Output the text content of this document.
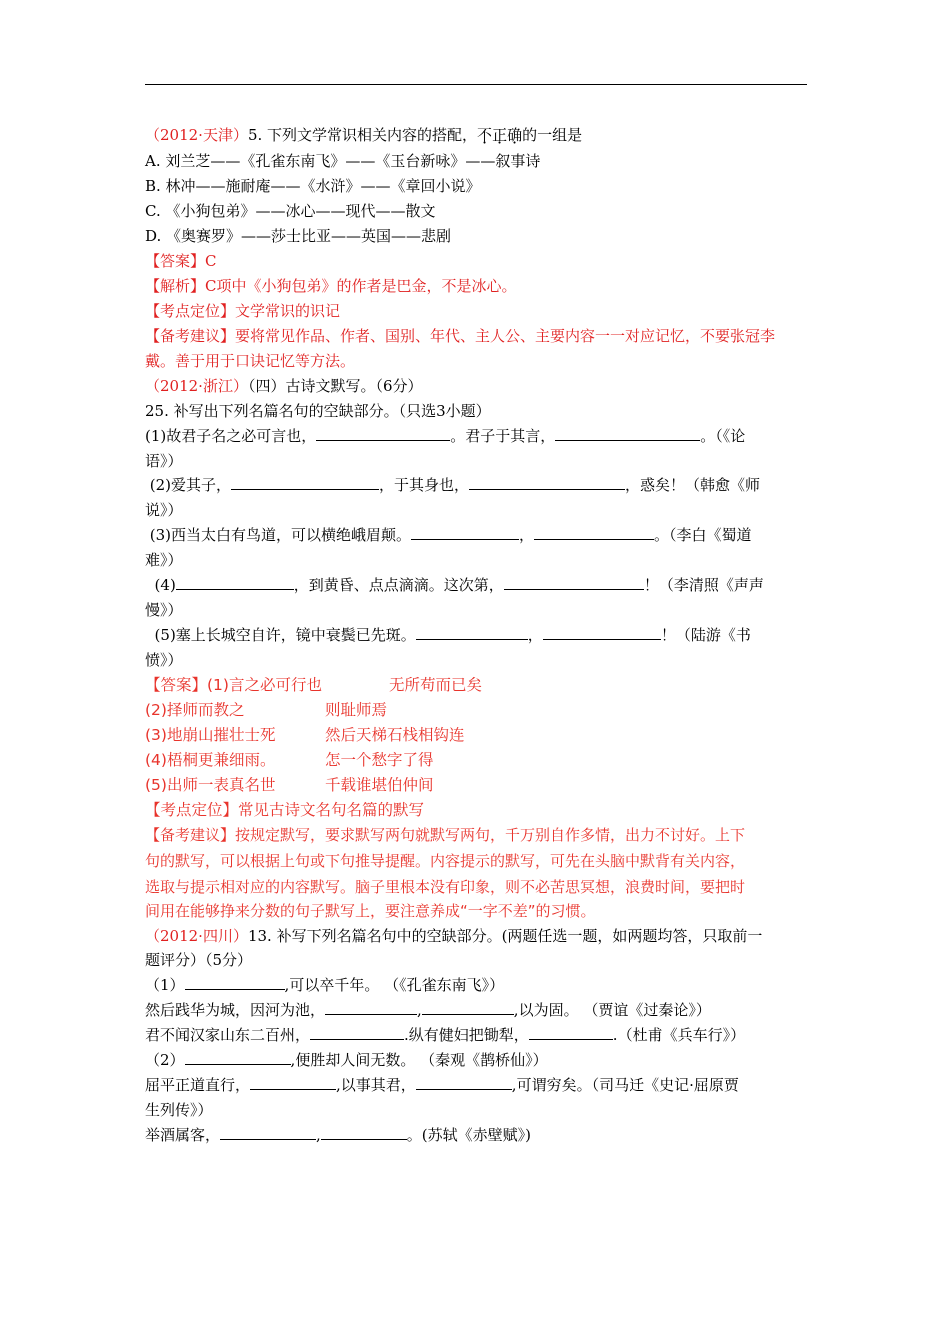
（2012·天津）5. 下列文学常识相关内容的搭配，不正确的一组是
A. 刘兰芝——《孔雀东南飞》——《玉台新咏》——叙事诗
B. 林冲——施耐庵——《水浒》——《章回小说》
C. 《小狗包弟》——冰心——现代——散文
D. 《奥赛罗》——莎士比亚——英国——悲剧
【答案】C
【解析】C项中《小狗包弟》的作者是巴金，不是冰心。
【考点定位】文学常识的识记
【备考建议】要将常见作品、作者、国别、年代、主人公、主要内容一一对应记忆，不要张冠李
戴。善于用于口诀记忆等方法。
（2012·浙江）（四）古诗文默写。（6分）
25. 补写出下列名篇名句的空缺部分。（只选3小题）
(1)故君子名之必可言也，	。君子于其言，	。（《论
语》）
(2)爱其子，	，于其身也，	，惑矣！（韩愈《师
说》）
(3)西当太白有鸟道，可以横绝峨眉颠。	，	。（李白《蜀道
难》）
(4)	，到黄昏、点点滴滴。这次第，	！（李清照《声声
慢》）
(5)塞上长城空自许，镜中衰鬓已先斑。	，	！（陆游《书
愤》）
【答案】(1)言之必可行也	无所苟而已矣
(2)择师而教之	则耻师焉
(3)地崩山摧壮士死	然后天梯石栈相钩连
(4)梧桐更兼细雨。	怎一个愁字了得
(5)出师一表真名世	千载谁堪伯仲间
【考点定位】常见古诗文名句名篇的默写
【备考建议】按规定默写，要求默写两句就默写两句，千万别自作多情，出力不讨好。上下
句的默写，可以根据上句或下句推导提醒。内容提示的默写，可先在头脑中默背有关内容，
选取与提示相对应的内容默写。脑子里根本没有印象，则不必苦思冥想，浪费时间，要把时
间用在能够挣来分数的句子默写上，要注意养成“一字不差”的习惯。
（2012·四川）13. 补写下列名篇名句中的空缺部分。(两题任选一题，如两题均答，只取前一
题评分）（5分）
（1）	,可以卒千年。 （《孔雀东南飞》）
然后践华为城，因河为池，	,	,以为固。 （贾谊《过秦论》）
君不闻汉家山东二百州，	.纵有健妇把锄犁，	.（杜甫《兵车行》）
（2）	,便胜却人间无数。 （秦观《鹊桥仙》）
屈平正道直行，	,以事其君，	,可谓穷矣。（司马迁《史记·屈原贾
生列传》）
举酒属客，	,	。(苏轼《赤壁赋》)
